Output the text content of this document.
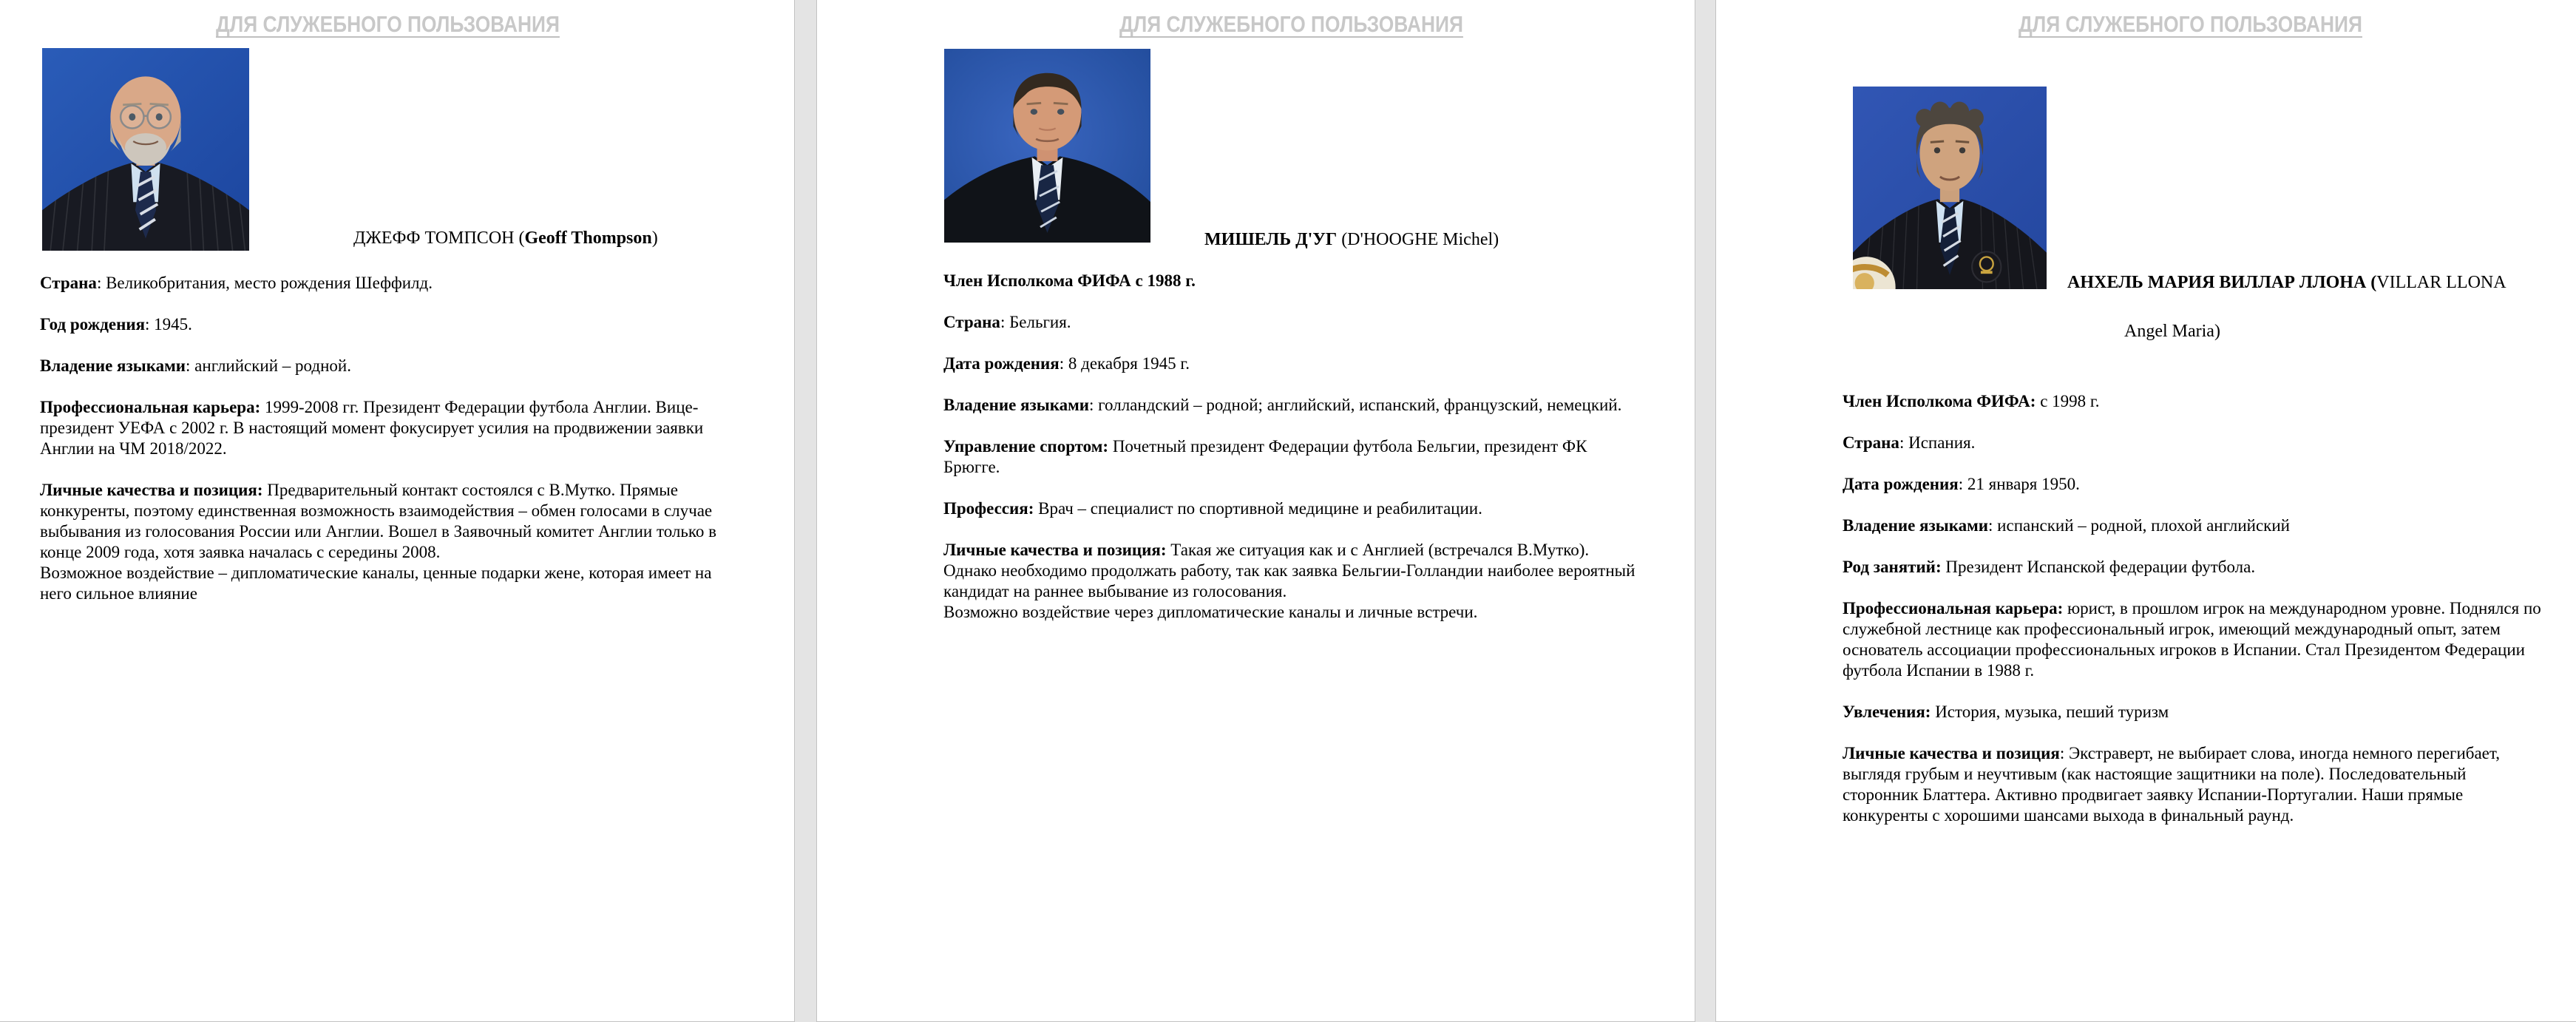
ДЛЯ СЛУЖЕБНОГО ПОЛЬЗОВАНИЯ
ДЖЕФФ ТОМПСОН (Geoff Thompson)

Страна: Великобритания, место рождения Шеффилд.

Год рождения: 1945.

Владение языками: английский – родной.

Профессиональная карьера: 1999-2008 гг. Президент Федерации футбола Англии. Вице-президент УЕФА с 2002 г. В настоящий момент фокусирует усилия на продвижении заявки Англии на ЧМ 2018/2022.

Личные качества и позиция: Предварительный контакт состоялся с В.Мутко. Прямые конкуренты, поэтому единственная возможность взаимодействия – обмен голосами в случае выбывания из голосования России или Англии. Вошел в Заявочный комитет Англии только в конце 2009 года, хотя заявка началась с середины 2008.
Возможное воздействие – дипломатические каналы, ценные подарки жене, которая имеет на него сильное влияние

ДЛЯ СЛУЖЕБНОГО ПОЛЬЗОВАНИЯ
МИШЕЛЬ Д'УГ (D'HOOGHE Michel)

Член Исполкома ФИФА с 1988 г.

Страна: Бельгия.

Дата рождения: 8 декабря 1945 г.

Владение языками: голландский – родной; английский, испанский, французский, немецкий.

Управление спортом: Почетный президент Федерации футбола Бельгии, президент ФК Брюгге.

Профессия: Врач – специалист по спортивной медицине и реабилитации.

Личные качества и позиция: Такая же ситуация как и с Англией (встречался В.Мутко). Однако необходимо продолжать работу, так как заявка Бельгии-Голландии наиболее вероятный кандидат на раннее выбывание из голосования.
Возможно воздействие через дипломатические каналы и личные встречи.

ДЛЯ СЛУЖЕБНОГО ПОЛЬЗОВАНИЯ
АНХЕЛЬ МАРИЯ ВИЛЛАР ЛЛОНА (VILLAR LLONA
Angel Maria)

Член Исполкома ФИФА: с 1998 г.

Страна: Испания.

Дата рождения: 21 января 1950.

Владение языками: испанский – родной, плохой английский

Род занятий: Президент Испанской федерации футбола.

Профессиональная карьера: юрист, в прошлом игрок на международном уровне. Поднялся по служебной лестнице как профессиональный игрок, имеющий международный опыт, затем основатель ассоциации профессиональных игроков в Испании. Стал Президентом Федерации футбола Испании в 1988 г.

Увлечения: История, музыка, пеший туризм

Личные качества и позиция: Экстраверт, не выбирает слова, иногда немного перегибает, выглядя грубым и неучтивым (как настоящие защитники на поле). Последовательный сторонник Блаттера. Активно продвигает заявку Испании-Португалии. Наши прямые конкуренты с хорошими шансами выхода в финальный раунд.
